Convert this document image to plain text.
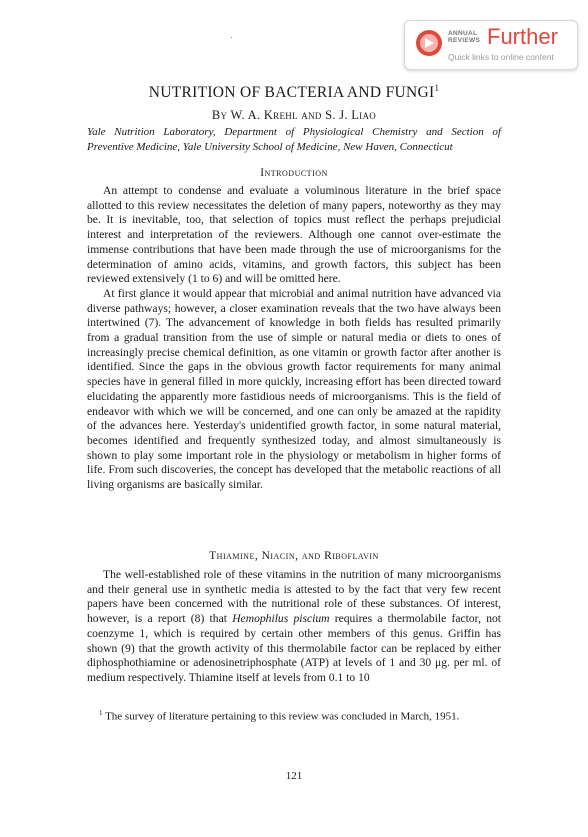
ANNUAL
REVIEWS Further
Quick links to online content
NUTRITION OF BACTERIA AND FUNGI$^1$
By W. A. Krehl and S. J. Liao
Yale Nutrition Laboratory, Department of Physiological Chemistry and Section of
Preventive Medicine, Yale University School of Medicine, New Haven, Connecticut
Introduction

An attempt to condense and evaluate a voluminous literature in the brief space allotted to this review necessitates the deletion of many papers, noteworthy as they may be. It is inevitable, too, that selection of topics must reflect the perhaps prejudicial interest and interpretation of the reviewers. Although one cannot over-estimate the immense contributions that have been made through the use of microorganisms for the determination of amino acids, vitamins, and growth factors, this subject has been reviewed extensively (1 to 6) and will be omitted here.

At first glance it would appear that microbial and animal nutrition have advanced via diverse pathways; however, a closer examination reveals that the two have always been intertwined (7). The advancement of knowledge in both fields has resulted primarily from a gradual transition from the use of simple or natural media or diets to ones of increasingly precise chemical definition, as one vitamin or growth factor after another is identified. Since the gaps in the obvious growth factor requirements for many animal species have in general filled in more quickly, increasing effort has been directed toward elucidating the apparently more fastidious needs of microorganisms. This is the field of endeavor with which we will be concerned, and one can only be amazed at the rapidity of the advances here. Yesterday's unidentified growth factor, in some natural material, becomes identified and frequently synthesized today, and almost simultaneously is shown to play some important role in the physiology or metabolism in higher forms of life. From such discoveries, the concept has developed that the metabolic reactions of all living organisms are basically similar.

Thiamine, Niacin, and Riboflavin

The well-established role of these vitamins in the nutrition of many microorganisms and their general use in synthetic media is attested to by the fact that very few recent papers have been concerned with the nutritional role of these substances. Of interest, however, is a report (8) that Hemophilus piscium requires a thermolabile factor, not coenzyme 1, which is required by certain other members of this genus. Griffin has shown (9) that the growth activity of this thermolabile factor can be replaced by either diphosphothiamine or adenosinetriphosphate (ATP) at levels of 1 and 30 μg. per ml. of medium respectively. Thiamine itself at levels from 0.1 to 10

$^1$ The survey of literature pertaining to this review was concluded in March, 1951.

121
